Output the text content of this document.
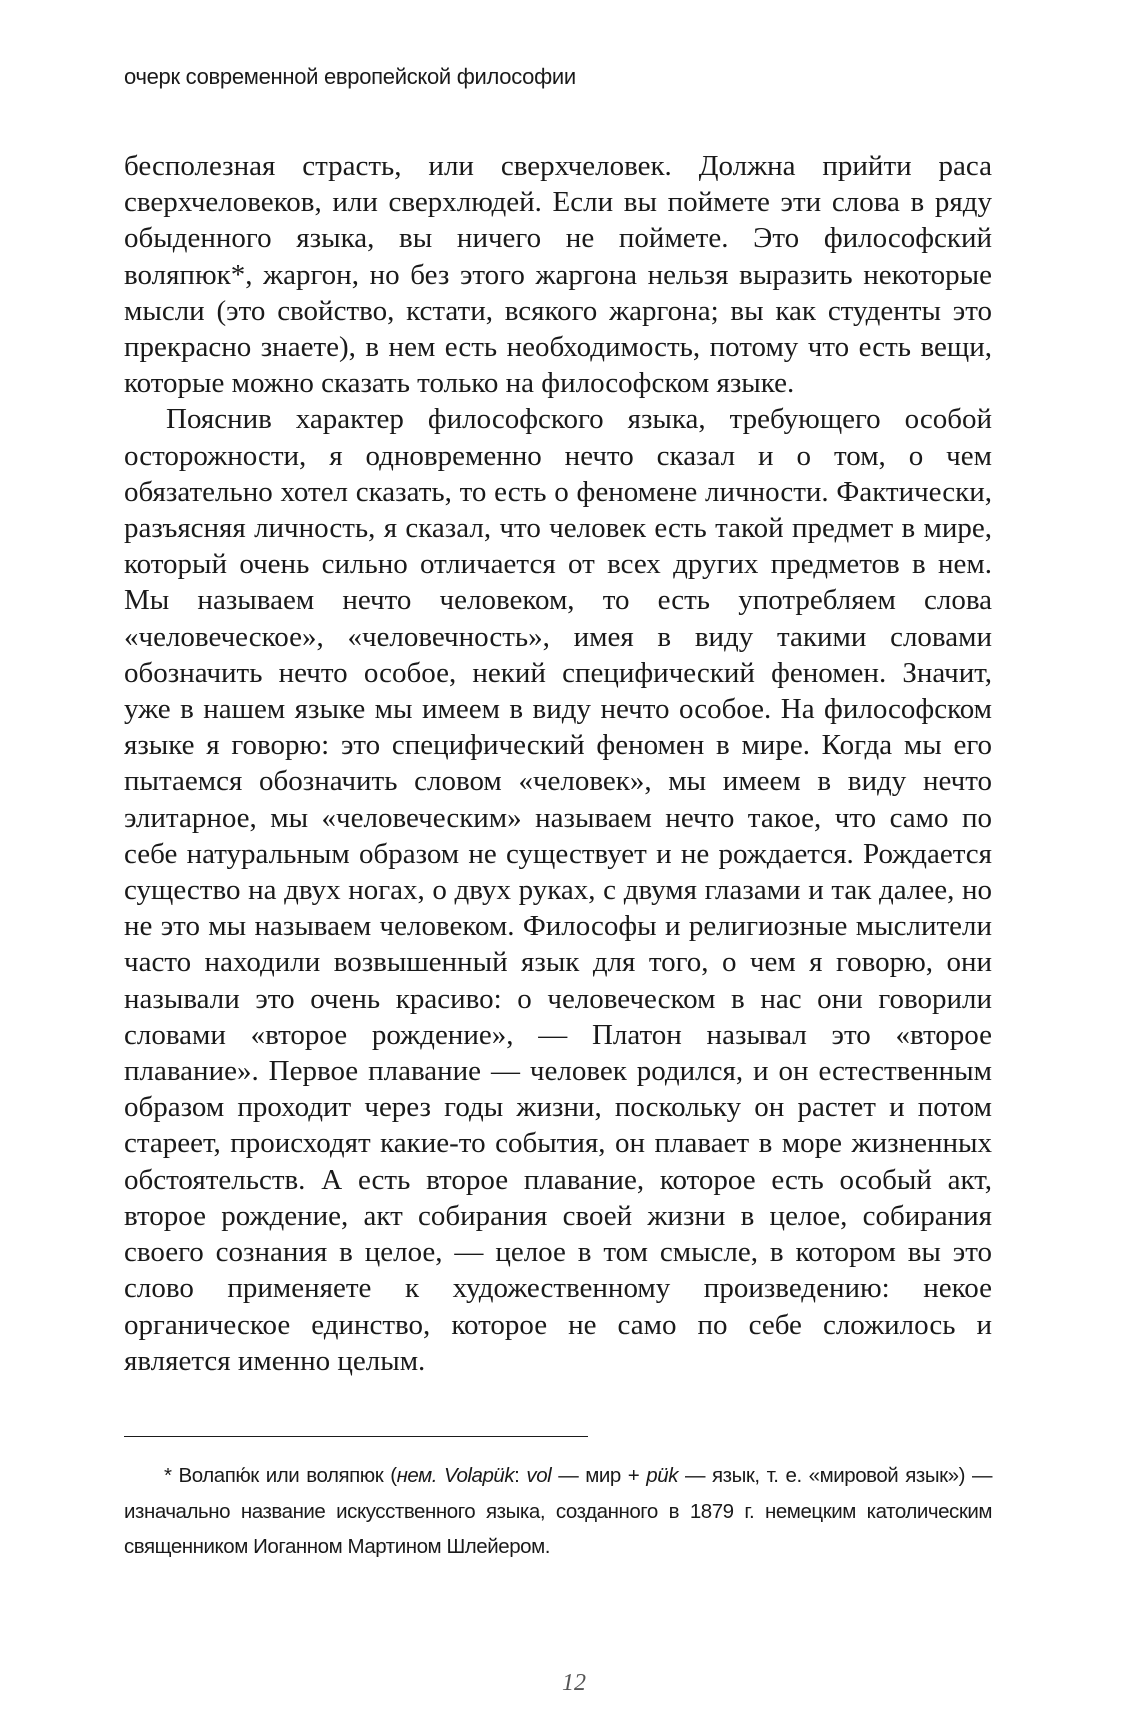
очерк современной европейской философии

бесполезная страсть, или сверхчеловек. Должна прийти раса сверхчеловеков, или сверхлюдей. Если вы поймете эти слова в ряду обыденного языка, вы ничего не поймете. Это философский воляпюк*, жаргон, но без этого жаргона нельзя выразить некоторые мысли (это свойство, кстати, всякого жаргона; вы как студенты это прекрасно знаете), в нем есть необходимость, потому что есть вещи, которые можно сказать только на философском языке.

Пояснив характер философского языка, требующего особой осторожности, я одновременно нечто сказал и о том, о чем обязательно хотел сказать, то есть о феномене личности. Фактически, разъясняя личность, я сказал, что человек есть такой предмет в мире, который очень сильно отличается от всех других предметов в нем. Мы называем нечто человеком, то есть употребляем слова «человеческое», «человечность», имея в виду такими словами обозначить нечто особое, некий специфический феномен. Значит, уже в нашем языке мы имеем в виду нечто особое. На философском языке я говорю: это специфический феномен в мире. Когда мы его пытаемся обозначить словом «человек», мы имеем в виду нечто элитарное, мы «человеческим» называем нечто такое, что само по себе натуральным образом не существует и не рождается. Рождается существо на двух ногах, о двух руках, с двумя глазами и так далее, но не это мы называем человеком. Философы и религиозные мыслители часто находили возвышенный язык для того, о чем я говорю, они называли это очень красиво: о человеческом в нас они говорили словами «второе рождение», — Платон называл это «второе плавание». Первое плавание — человек родился, и он естественным образом проходит через годы жизни, поскольку он растет и потом стареет, происходят какие-то события, он плавает в море жизненных обстоятельств. А есть второе плавание, которое есть особый акт, второе рождение, акт собирания своей жизни в целое, собирания своего сознания в целое, — целое в том смысле, в котором вы это слово применяете к художественному произведению: некое органическое единство, которое не само по себе сложилось и является именно целым.

* Волапю́к или воляпюк (нем. Volapük: vol — мир + pük — язык, т. е. «мировой язык») — изначально название искусственного языка, созданного в 1879 г. немецким католическим священником Иоганном Мартином Шлейером.
12
